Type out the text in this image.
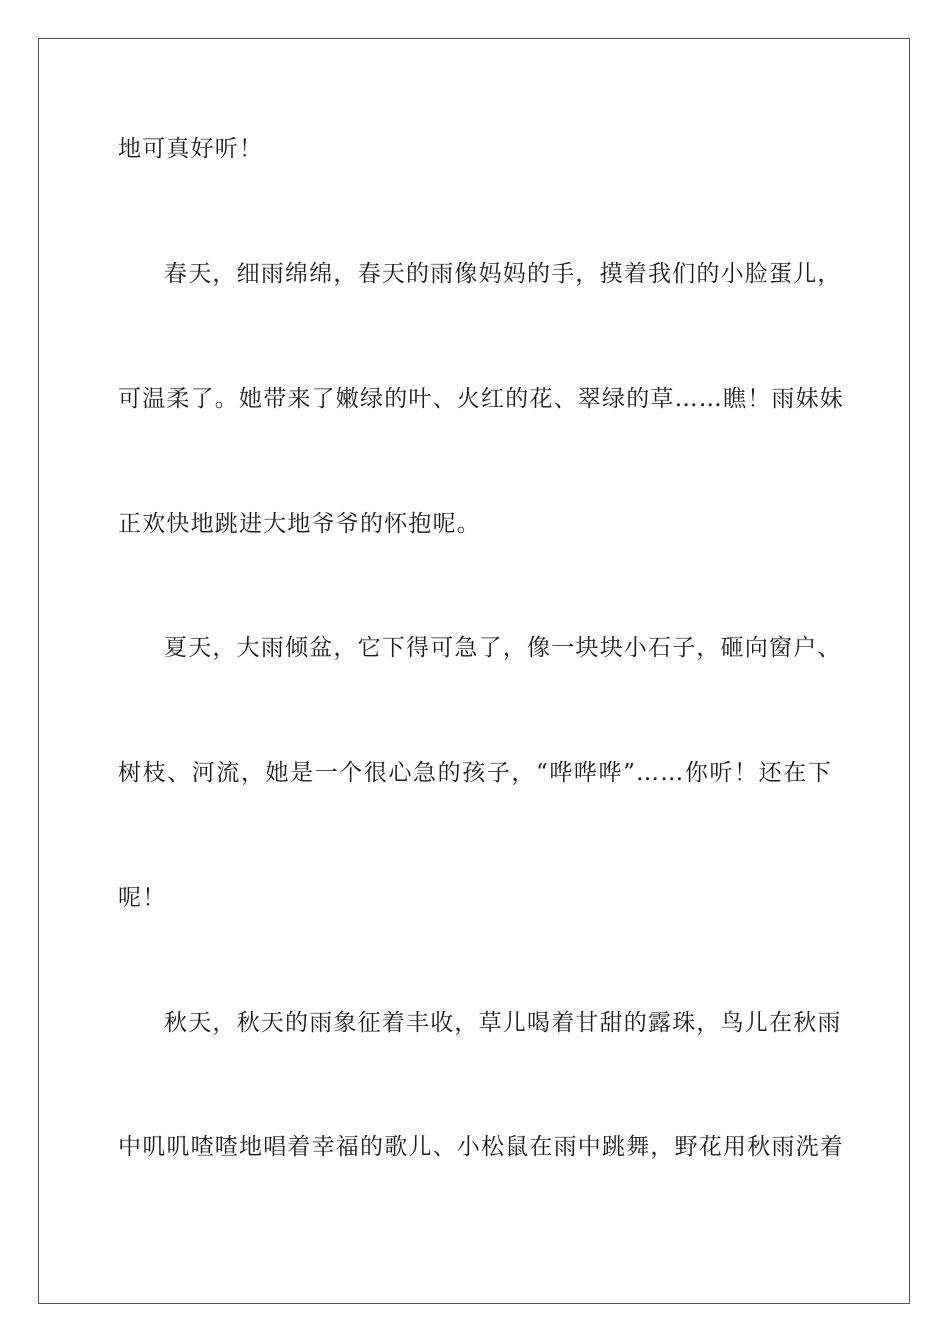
地可真好听！

春天，细雨绵绵，春天的雨像妈妈的手，摸着我们的小脸蛋儿，

可温柔了。她带来了嫩绿的叶、火红的花、翠绿的草……瞧！雨妹妹

正欢快地跳进大地爷爷的怀抱呢。

夏天，大雨倾盆，它下得可急了，像一块块小石子，砸向窗户、

树枝、河流，她是一个很心急的孩子，“哗哗哗”……你听！还在下

呢！

秋天，秋天的雨象征着丰收，草儿喝着甘甜的露珠，鸟儿在秋雨

中叽叽喳喳地唱着幸福的歌儿、小松鼠在雨中跳舞，野花用秋雨洗着
